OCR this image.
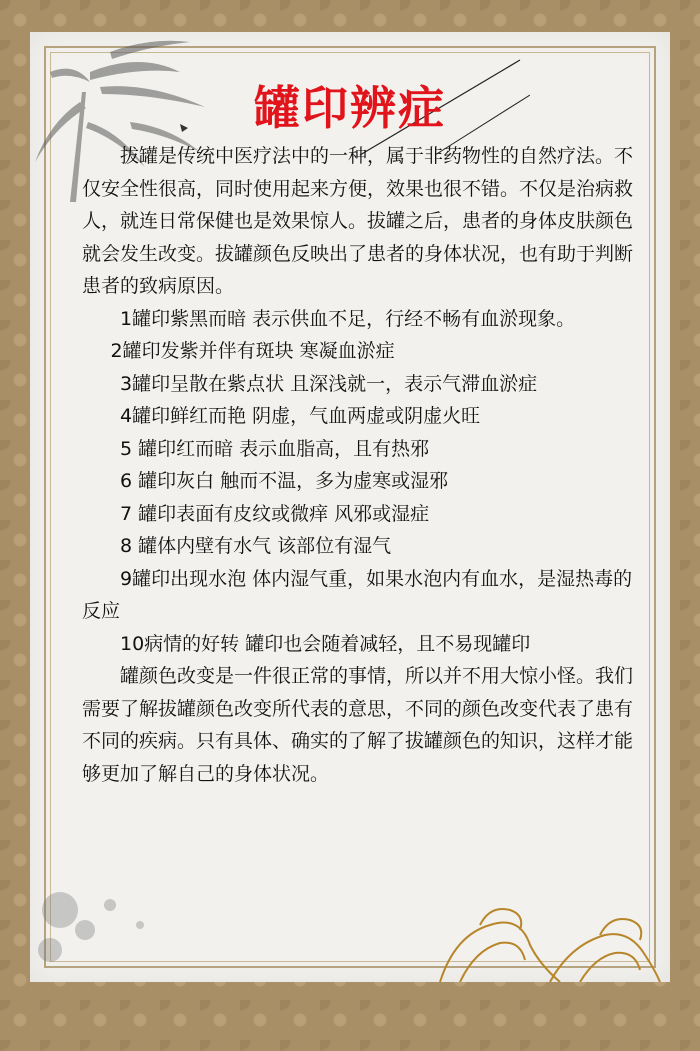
罐印辨症

拔罐是传统中医疗法中的一种，属于非药物性的自然疗法。不仅安全性很高，同时使用起来方便，效果也很不错。不仅是治病救人，就连日常保健也是效果惊人。拔罐之后，患者的身体皮肤颜色就会发生改变。拔罐颜色反映出了患者的身体状况，也有助于判断患者的致病原因。

1罐印紫黑而暗 表示供血不足，行经不畅有血淤现象。

2罐印发紫并伴有斑块 寒凝血淤症

3罐印呈散在紫点状 且深浅就一，表示气滞血淤症

4罐印鲜红而艳 阴虚，气血两虚或阴虚火旺

5 罐印红而暗 表示血脂高，且有热邪

6 罐印灰白 触而不温，多为虚寒或湿邪

7 罐印表面有皮纹或微痒 风邪或湿症

8 罐体内壁有水气 该部位有湿气

9罐印出现水泡 体内湿气重，如果水泡内有血水，是湿热毒的反应

10病情的好转 罐印也会随着减轻，且不易现罐印

罐颜色改变是一件很正常的事情，所以并不用大惊小怪。我们需要了解拔罐颜色改变所代表的意思，不同的颜色改变代表了患有不同的疾病。只有具体、确实的了解了拔罐颜色的知识，这样才能够更加了解自己的身体状况。
